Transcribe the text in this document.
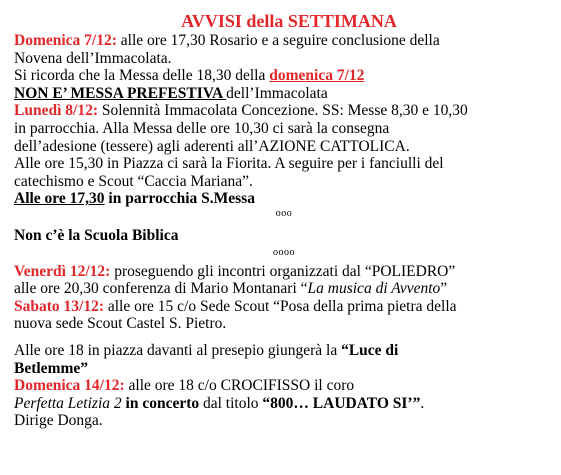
AVVISI della SETTIMANA
Domenica 7/12: alle ore 17,30 Rosario e a seguire conclusione della
Novena dell’Immacolata.
Si ricorda che la Messa delle 18,30 della domenica 7/12
NON E’ MESSA PREFESTIVA dell’Immacolata
Lunedì 8/12: Solennità Immacolata Concezione. SS: Messe 8,30 e 10,30
in parrocchia. Alla Messa delle ore 10,30 ci sarà la consegna
dell’adesione (tessere) agli aderenti all’AZIONE CATTOLICA.
Alle ore 15,30 in Piazza ci sarà la Fiorita. A seguire per i fanciulli del
catechismo e Scout “Caccia Mariana”.
Alle ore 17,30 in parrocchia S.Messa
ooo
Non c’è la Scuola Biblica
oooo
Venerdì 12/12: proseguendo gli incontri organizzati dal “POLIEDRO”
alle ore 20,30 conferenza di Mario Montanari “La musica di Avvento”
Sabato 13/12: alle ore 15 c/o Sede Scout “Posa della prima pietra della
nuova sede Scout Castel S. Pietro.
Alle ore 18 in piazza davanti al presepio giungerà la “Luce di
Betlemme”
Domenica 14/12: alle ore 18 c/o CROCIFISSO il coro
Perfetta Letizia 2 in concerto dal titolo “800… LAUDATO SI’”.
Dirige Donga.
